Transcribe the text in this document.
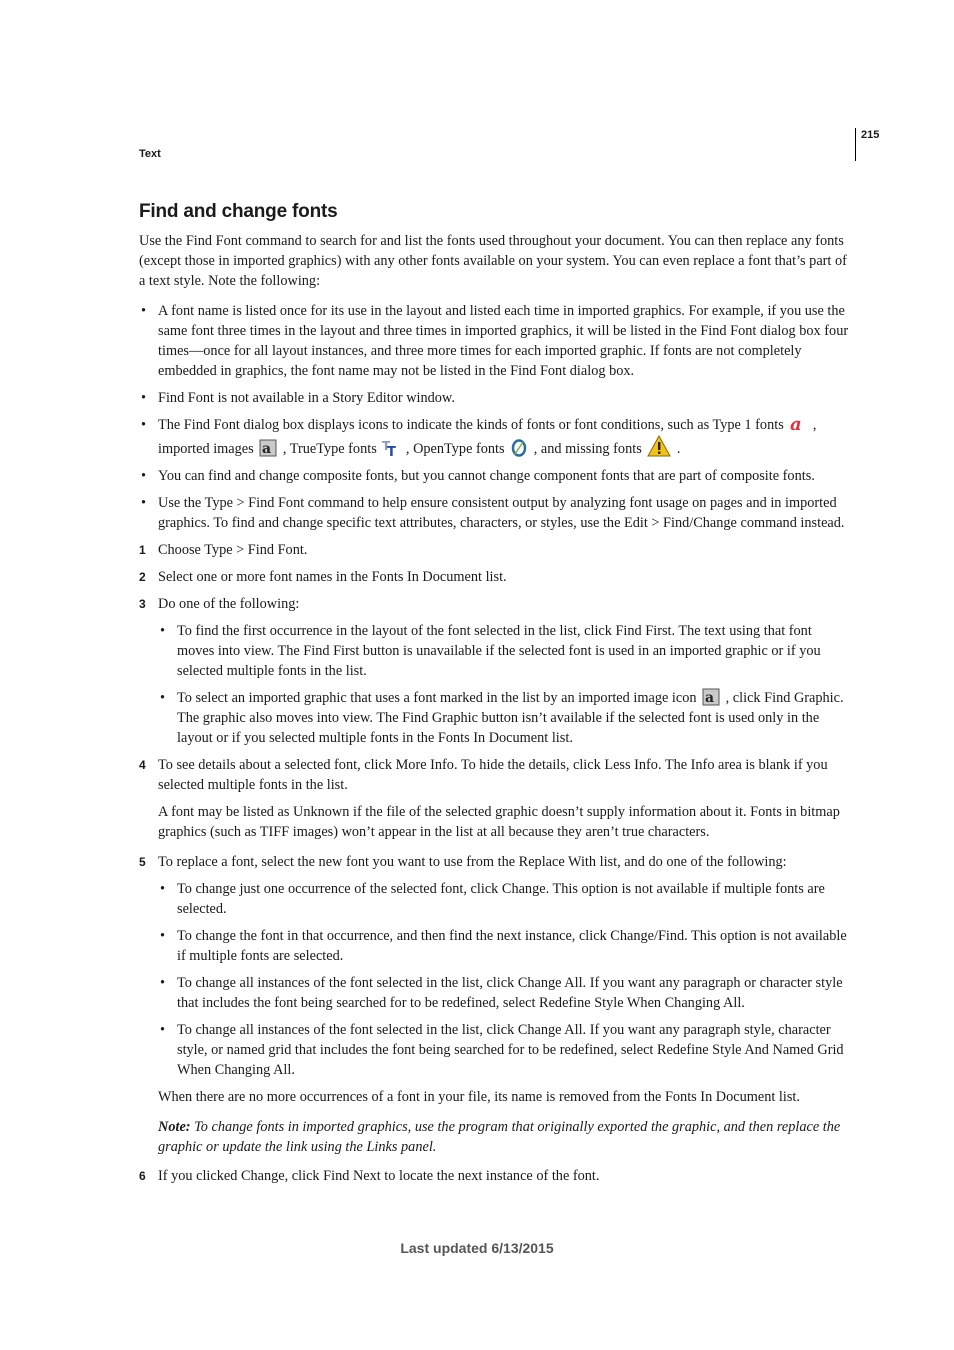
215
Text
Find and change fonts

Use the Find Font command to search for and list the fonts used throughout your document. You can then replace any fonts (except those in imported graphics) with any other fonts available on your system. You can even replace a font that’s part of a text style. Note the following:

• A font name is listed once for its use in the layout and listed each time in imported graphics. For example, if you use the same font three times in the layout and three times in imported graphics, it will be listed in the Find Font dialog box four times—once for all layout instances, and three more times for each imported graphic. If fonts are not completely embedded in graphics, the font name may not be listed in the Find Font dialog box.
• Find Font is not available in a Story Editor window.
• The Find Font dialog box displays icons to indicate the kinds of fonts or font conditions, such as Type 1 fonts a , imported images a , TrueType fonts T
T , OpenType fonts  , and missing fonts  .
• You can find and change composite fonts, but you cannot change component fonts that are part of composite fonts.
• Use the Type > Find Font command to help ensure consistent output by analyzing font usage on pages and in imported graphics. To find and change specific text attributes, characters, or styles, use the Edit > Find/Change command instead.
1 Choose Type > Find Font.
2 Select one or more font names in the Fonts In Document list.
3 Do one of the following:
• To find the first occurrence in the layout of the font selected in the list, click Find First. The text using that font moves into view. The Find First button is unavailable if the selected font is used in an imported graphic or if you selected multiple fonts in the list.
• To select an imported graphic that uses a font marked in the list by an imported image icon a , click Find Graphic. The graphic also moves into view. The Find Graphic button isn’t available if the selected font is used only in the layout or if you selected multiple fonts in the Fonts In Document list.
4 To see details about a selected font, click More Info. To hide the details, click Less Info. The Info area is blank if you selected multiple fonts in the list.

A font may be listed as Unknown if the file of the selected graphic doesn’t supply information about it. Fonts in bitmap graphics (such as TIFF images) won’t appear in the list at all because they aren’t true characters.

5 To replace a font, select the new font you want to use from the Replace With list, and do one of the following:
• To change just one occurrence of the selected font, click Change. This option is not available if multiple fonts are selected.
• To change the font in that occurrence, and then find the next instance, click Change/Find. This option is not available if multiple fonts are selected.
• To change all instances of the font selected in the list, click Change All. If you want any paragraph or character style that includes the font being searched for to be redefined, select Redefine Style When Changing All.
• To change all instances of the font selected in the list, click Change All. If you want any paragraph style, character style, or named grid that includes the font being searched for to be redefined, select Redefine Style And Named Grid When Changing All.

When there are no more occurrences of a font in your file, its name is removed from the Fonts In Document list.

Note: To change fonts in imported graphics, use the program that originally exported the graphic, and then replace the graphic or update the link using the Links panel.

6 If you clicked Change, click Find Next to locate the next instance of the font.
Last updated 6/13/2015
